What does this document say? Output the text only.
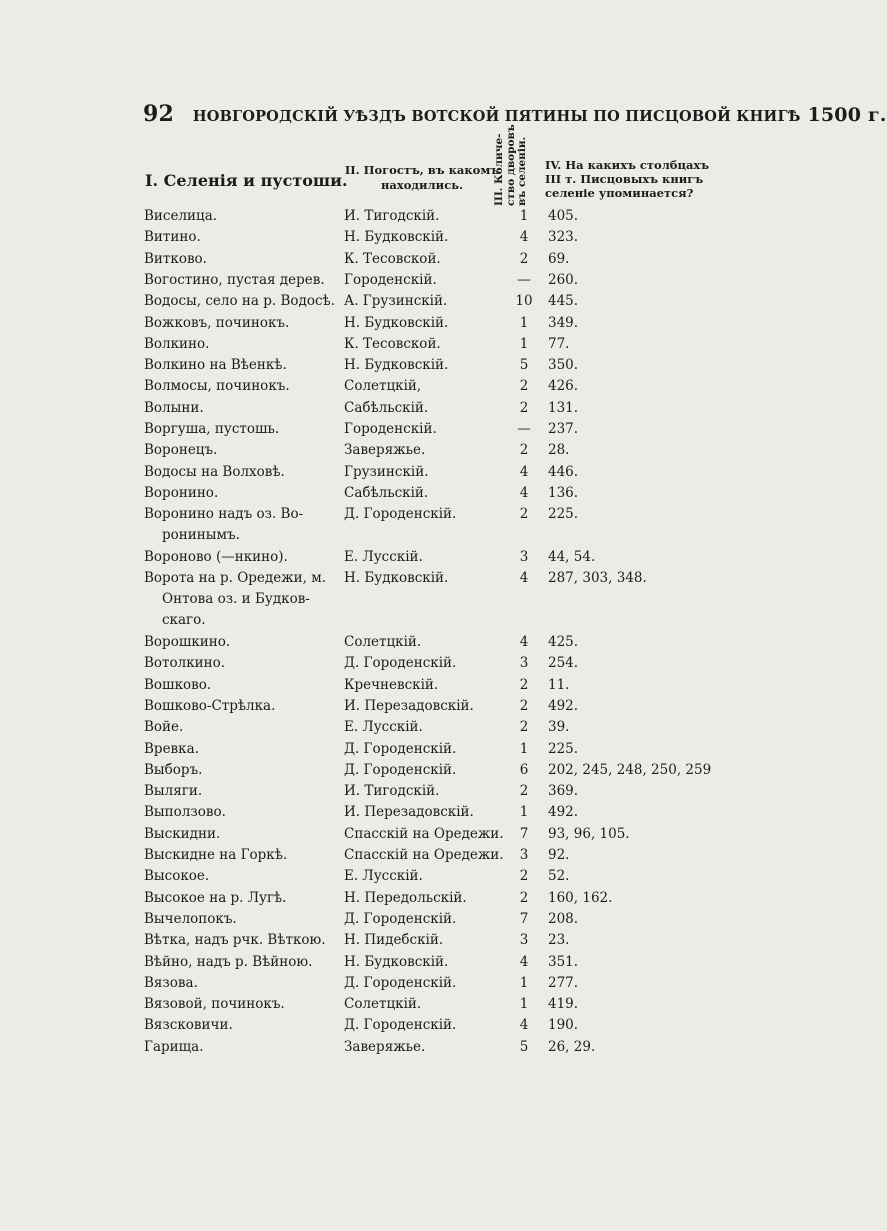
92 НОВГОРОДСКІЙ УѢЗДЪ ВОТСКОЙ ПЯТИНЫ ПО ПИСЦОВОЙ КНИГѢ 1500 г.
I. Селенія и пустоши.
II. Погостъ, въ какомъ находились.
III. Количе-
ство дворовъ
въ селеніи. IV. На какихъ столбцахъ III т. Писцовыхъ книгъ селеніе упоминается?
Виселица.	И. Тигодскій.	1	405.
Витино.	Н. Будковскій.	4	323.
Витково.	К. Тесовской.	2	69.
Вогостино, пустая дерев.	Городенскій.	—	260.
Водосы, село на р. Водосѣ. А. Грузинскій.	10	445.
Вожковъ, починокъ.	Н. Будковскій.	1	349.
Волкино.	К. Тесовской.	1	77.
Волкино на Вѣенкѣ.	Н. Будковскій.	5	350.
Волмосы, починокъ.	Солетцкій,	2	426.
Волыни.	Сабѣльскій.	2	131.
Воргуша, пустошь.	Городенскій.	—	237.
Воронецъ.	Заверяжье.	2	28.
Водосы на Волховѣ.	Грузинскій.	4	446.
Воронино.	Сабѣльскій.	4	136.
Воронино надъ оз. Во-
ронинымъ.
Д. Городенскій.	2	225.
Вороново (—нкино).	Е. Лусскій.	3	44, 54.
Ворота на р. Оредежи, м.
Онтова оз. и Будков-
скаго.
Н. Будковскій.	4	287, 303, 348.
Ворошкино.	Солетцкій.	4	425.
Вотолкино.	Д. Городенскій.	3	254.
Вошково.	Кречневскій.	2	11.
Вошково-Стрѣлка.	И. Перезадовскій.	2	492.
Войе.	Е. Лусскій.	2	39.
Вревка.	Д. Городенскій.	1	225.
Выборъ.	Д. Городенскій.	6	202, 245, 248, 250, 259
Выляги.	И. Тигодскій.	2	369.
Выползово.	И. Перезадовскій.	1	492.
Выскидни.	Спасскій на Оредежи.	7	93, 96, 105.
Выскидне на Горкѣ.	Спасскій на Оредежи.	3	92.
Высокое.	Е. Лусскій.	2	52.
Высокое на р. Лугѣ.	Н. Передольскій.	2	160, 162.
Вычелопокъ.	Д. Городенскій.	7	208.
Вѣтка, надъ рчк. Вѣткою.	Н. Пидебскій.	3	23.
Вѣйно, надъ р. Вѣйною.	Н. Будковскій.	4	351.
Вязова.	Д. Городенскій.	1	277.
Вязовой, починокъ.	Солетцкій.	1	419.
Вязсковичи.	Д. Городенскій.	4	190.
Гарища.	Заверяжье.	5	26, 29.
